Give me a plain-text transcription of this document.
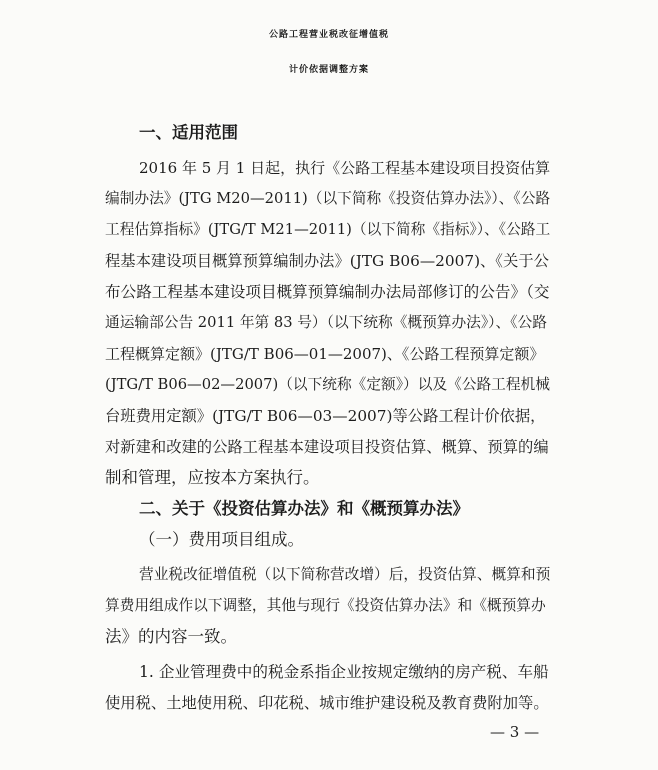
公路工程营业税改征增值税
计价依据调整方案
一、适用范围
2016 年 5 月 1 日起，执行《公路工程基本建设项目投资估算
编制办法》(JTG M20—2011)（以下简称《投资估算办法》）、《公路
工程估算指标》(JTG/T M21—2011)（以下简称《指标》）、《公路工
程基本建设项目概算预算编制办法》(JTG B06—2007)、《关于公
布公路工程基本建设项目概算预算编制办法局部修订的公告》（交
通运输部公告 2011 年第 83 号）（以下统称《概预算办法》）、《公路
工程概算定额》(JTG/T B06—01—2007)、《公路工程预算定额》
(JTG/T B06—02—2007)（以下统称《定额》）以及《公路工程机械
台班费用定额》(JTG/T B06—03—2007)等公路工程计价依据，
对新建和改建的公路工程基本建设项目投资估算、概算、预算的编
制和管理，应按本方案执行。
二、关于《投资估算办法》和《概预算办法》
（一）费用项目组成。
营业税改征增值税（以下简称营改增）后，投资估算、概算和预
算费用组成作以下调整，其他与现行《投资估算办法》和《概预算办
法》的内容一致。
1. 企业管理费中的税金系指企业按规定缴纳的房产税、车船
使用税、土地使用税、印花税、城市维护建设税及教育费附加等。
— 3 —
